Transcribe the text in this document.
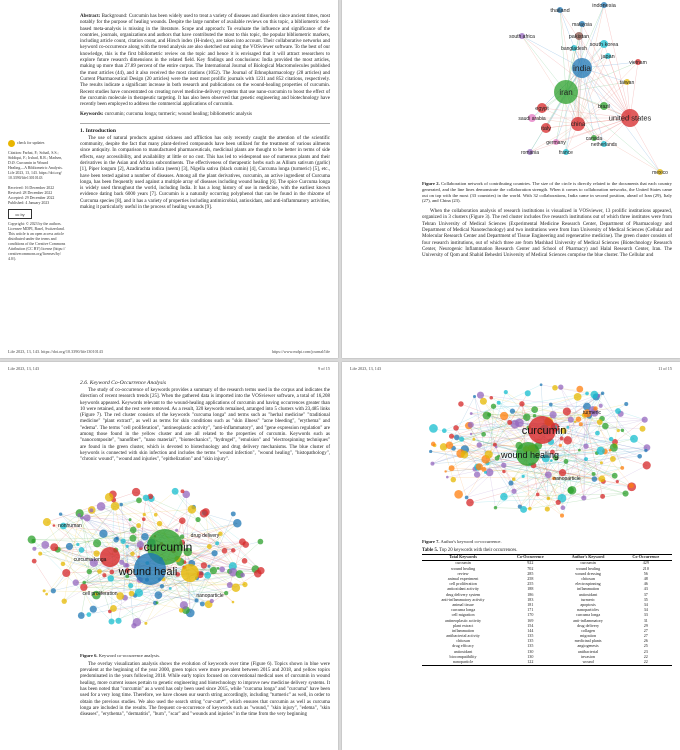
Abstract: Background: Curcumin has been widely used to treat a variety of diseases and disorders since ancient times, most notably for the purpose of healing wounds. Despite the large number of available reviews on this topic, a bibliometric tool-based meta-analysis is missing in the literature. Scope and approach: To evaluate the influence and significance of the countries, journals, organizations and authors that have contributed the most to this topic, the popular bibliometric markers, including article count, citation count, and Hirsch index (H-index), are taken into account. Their collaborative networks and keyword co-occurrence along with the trend analysis are also sketched out using the VOSviewer software. To the best of our knowledge, this is the first bibliometric review on the topic and hence it is envisaged that it will attract researchers to explore future research dimensions in the related field. Key findings and conclusions: India provided the most articles, making up more than 27.89 percent of the entire corpus. The International Journal of Biological Macromolecules published the most articles (44), and it also received the most citations (1052). The Journal of Ethnopharmacology (28 articles) and Current Pharmaceutical Design (20 articles) were the next most prolific journals with 1231 and 852 citations, respectively. The results indicate a significant increase in both research and publications on the wound-healing properties of curcumin. Recent studies have concentrated on creating novel medicine-delivery systems that use nano-curcumin to boost the effect of the curcumin molecule in therapeutic targeting. It has also been observed that genetic engineering and biotechnology have recently been employed to address the commercial applications of curcumin.

Keywords: curcumin; curcuma longa; turmeric; wound healing; bibliometric analysis

1. Introduction

The use of natural products against sickness and affliction has only recently caught the attention of the scientific community, despite the fact that many plant-derived compounds have been utilized for the treatment of various ailments since antiquity. In comparison to manufactured pharmaceuticals, medicinal plants are thought to be better in terms of side effects, easy accessibility, and availability at little or no cost. This has led to widespread use of numerous plants and their derivatives in the Asian and African subcontinents. The effectiveness of therapeutic herbs such as Allium sativum (garlic) [1], Piper longum [2], Azadirachta indica (neem) [3], Nigella sativa (black cumin) [4], Curcuma longa (turmeric) [5], etc., have been tested against a number of diseases. Among all the plant derivatives, curcumin, an active ingredient of Curcuma longa, has been frequently used against a multiple array of diseases including wound healing [6]. The spice Curcuma longa is widely used throughout the world, including India. It has a long history of use in medicine, with the earliest known evidence dating back 6000 years [7]. Curcumin is a naturally occurring polyphenol that can be found in the rhizome of Curcuma species [8], and it has a variety of properties including antimicrobial, antioxidant, and anti-inflammatory activities, making it particularly useful in the process of healing wounds [9].

check for updates
Citation: Farhat, F.; Sohail, S.S.;
Siddiqui, F.; Irshad, R.R.; Madsen,
D.Ø. Curcumin in Wound
Healing—A Bibliometric Analysis.
Life 2023, 13, 143. https://doi.org/
10.3390/life13010143
Received: 16 December 2022
Revised: 28 December 2022
Accepted: 29 December 2022
Published: 4 January 2023
cc by
Copyright: © 2023 by the authors.
Licensee MDPI, Basel, Switzerland.
This article is an open access article
distributed under the terms and
conditions of the Creative Commons
Attribution (CC BY) license (https://
creativecommons.org/licenses/by/
4.0/).
Life 2023, 13, 143. https://doi.org/10.3390/life13010143	https://www.mdpi.com/journal/life
thailand
indonesia
malaysia
pakistan
south africa
bangladesh
south korea
japan
vietnam
india
taiwan
iran
egypt
italy
china
united states
brazil
saudi arabia
germany
france
netherlands
canada
romania
mexico

Figure 2. Collaboration network of contributing countries. The size of the circle is directly related to the documents that each country generated, and the line lines demonstrate the collaboration strength. When it comes to collaboration networks, the United States came out on top with the most (33 countries) in the world. With 32 collaborations, India came in second position, ahead of Iran (29), Italy (27), and China (23).

When the collaboration analysis of research institutions is visualized in VOSviewer, 13 prolific institutions appeared, organized in 3 clusters (Figure 3). The red cluster includes five research institutions out of which three institutes were from Tehran University of Medical Sciences (Experimental Medicine Research Center, Department of Pharmacology and Department of Medical Nanotechnology) and two institutions were from Iran University of Medical Sciences (Cellular and Molecular Research Center and Department of Tissue Engineering and regenerative medicine). The green cluster consists of four research institutions, out of which three are from Mashhad University of Medical Sciences (Biotechnology Research Center, Neurogenic Inflammation Research Center and School of Pharmacy) and Halal Research Center, Iran. The University of Qom and Shahid Beheshti University of Medical Sciences comprise the blue cluster. The Cellular and

Life 2023, 13, 143	9 of 15
2.6. Keyword Co-Occurrence Analysis

The study of co-occurrence of keywords provides a summary of the research terms used in the corpus and indicates the direction of recent research trends [25]. When the gathered data is imported into the VOSviewer software, a total of 16,208 keywords appeared. Keywords relevant to the wound-healing applications of curcumin and having occurrences greater than 10 were retained, and the rest were removed. As a result, 320 keywords remained, arranged into 5 clusters with 23,485 links (Figure 7). The red cluster consists of the keywords "curcuma longa" and terms such as "herbal medicine" "traditional medicine" "plant extract", as well as terms for skin conditions such as "skin illness" "acne bleeding", "erythema" and "edema". The terms "cell proliferation", "antineoplastic activity", "anti-inflammatory", and "gene expression regulation" are among those found in the yellow cluster and are all related to the properties of curcumin. Keywords such as "nanocomposite", "nanofiber", "nano material", "biomechanics", "hydrogel", "emulsion" and "electrospinning techniques" are found in the green cluster, which is devoted to biotechnology and drug delivery mechanisms. The blue cluster of keywords is connected with skin infection and includes the terms "wound infection", "wound healing", "histopathology", "chronic wound", "wound and injuries", "epithelization" and "skin injury".

curcumin
wound heali
nonhuman
cell proliferation
drug delivery
nanoparticle
curcuma longa

Figure 6. Keyword co-occurrence analysis.

The overlay visualization analysis shows the evolution of keywords over time (Figure 6). Topics shown in blue were prevalent at the beginning of the year 2000, green topics were more prevalent between 2015 and 2018, and yellow topics predominated in the years following 2018. While early topics focused on conventional medical uses of curcumin in wound healing, more current issues pertain to genetic engineering and biotechnology to improve new medicine delivery systems. It has been noted that "curcumin" as a word has only been used since 2015, while "curcuma longa" and "curcuma" have been used for a very long time. Therefore, we have chosen our search string accordingly, including "turmeric" as well, in order to obtain the previous studies. We also used the search string "cur-cum*", which ensures that curcumin as well as curcuma longa are included in the results. The frequent co-occurrence of keywords such as "wound," "skin injury", "edema", "skin diseases", "erythema", "dermatitis", "burn", "scar" and "wounds and injuries" in the time from the very beginning

Life 2023, 13, 143	11 of 15
curcumin
wound healing
nanoparticle
turmeric

Figure 7. Author's keyword co-occurrence.

Table 5. Top 20 keywords with their occurrences.

Total Keywords	Co-Occurrence	Author's Keyword	Co-Occurrence
curcumin	922	curcumin	429
wound healing	702	wound healing	210
review	285	wound dressing	56
animal experiment	258	chitosan	48
cell proliferation	255	electrospinning	46
antioxidant activity	188	inflammation	43
drug delivery system	186	antioxidant	37
anti-inflammatory activity	183	turmeric	35
animal tissue	181	apoptosis	34
curcuma longa	171	nanoparticles	34
cell migration	170	curcuma longa	33
antineoplastic activity	169	anti-inflammatory	31
plant extract	154	drug delivery	29
inflammation	144	collagen	27
antibacterial activity	135	migration	27
chitosan	135	medicinal plants	26
drug efficacy	135	angiogenesis	25
antioxidant	130	antibacterial	23
biocompatibility	130	invasion	22
nanoparticle	122	wound	22
